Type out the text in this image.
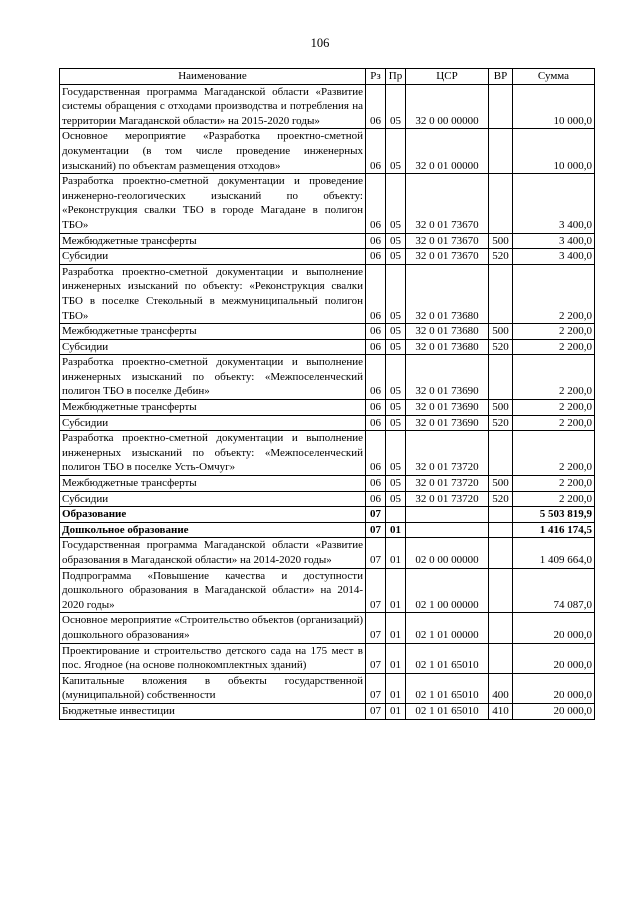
106
Наименование	Рз	Пр	ЦСР	ВР	Сумма
Государственная программа Магаданской области «Развитие системы обращения с отходами производства и потребления на территории Магаданской области» на 2015-2020 годы»	06	05	32 0 00 00000		10 000,0
Основное мероприятие «Разработка проектно-сметной документации (в том числе проведение инженерных изысканий) по объектам размещения отходов»	06	05	32 0 01 00000		10 000,0
Разработка проектно-сметной документации и проведение инженерно-геологических изысканий по объекту: «Реконструкция свалки ТБО в городе Магадане в полигон ТБО»	06	05	32 0 01 73670		3 400,0
Межбюджетные трансферты	06	05	32 0 01 73670	500	3 400,0
Субсидии	06	05	32 0 01 73670	520	3 400,0
Разработка проектно-сметной документации и выполнение инженерных изысканий по объекту: «Реконструкция свалки ТБО в поселке Стекольный в межмуниципальный полигон ТБО»	06	05	32 0 01 73680		2 200,0
Межбюджетные трансферты	06	05	32 0 01 73680	500	2 200,0
Субсидии	06	05	32 0 01 73680	520	2 200,0
Разработка проектно-сметной документации и выполнение инженерных изысканий по объекту: «Межпоселенческий полигон ТБО в поселке Дебин»	06	05	32 0 01 73690		2 200,0
Межбюджетные трансферты	06	05	32 0 01 73690	500	2 200,0
Субсидии	06	05	32 0 01 73690	520	2 200,0
Разработка проектно-сметной документации и выполнение инженерных изысканий по объекту: «Межпоселенческий полигон ТБО в поселке Усть-Омчуг»	06	05	32 0 01 73720		2 200,0
Межбюджетные трансферты	06	05	32 0 01 73720	500	2 200,0
Субсидии	06	05	32 0 01 73720	520	2 200,0
Образование	07				5 503 819,9
Дошкольное образование	07	01			1 416 174,5
Государственная программа Магаданской области «Развитие образования в Магаданской области» на 2014-2020 годы»	07	01	02 0 00 00000		1 409 664,0
Подпрограмма «Повышение качества и доступности дошкольного образования в Магаданской области» на 2014-2020 годы»	07	01	02 1 00 00000		74 087,0
Основное мероприятие «Строительство объектов (организаций) дошкольного образования»	07	01	02 1 01 00000		20 000,0
Проектирование и строительство детского сада на 175 мест в пос. Ягодное (на основе полнокомплектных зданий)	07	01	02 1 01 65010		20 000,0
Капитальные вложения в объекты государственной (муниципальной) собственности	07	01	02 1 01 65010	400	20 000,0
Бюджетные инвестиции	07	01	02 1 01 65010	410	20 000,0
